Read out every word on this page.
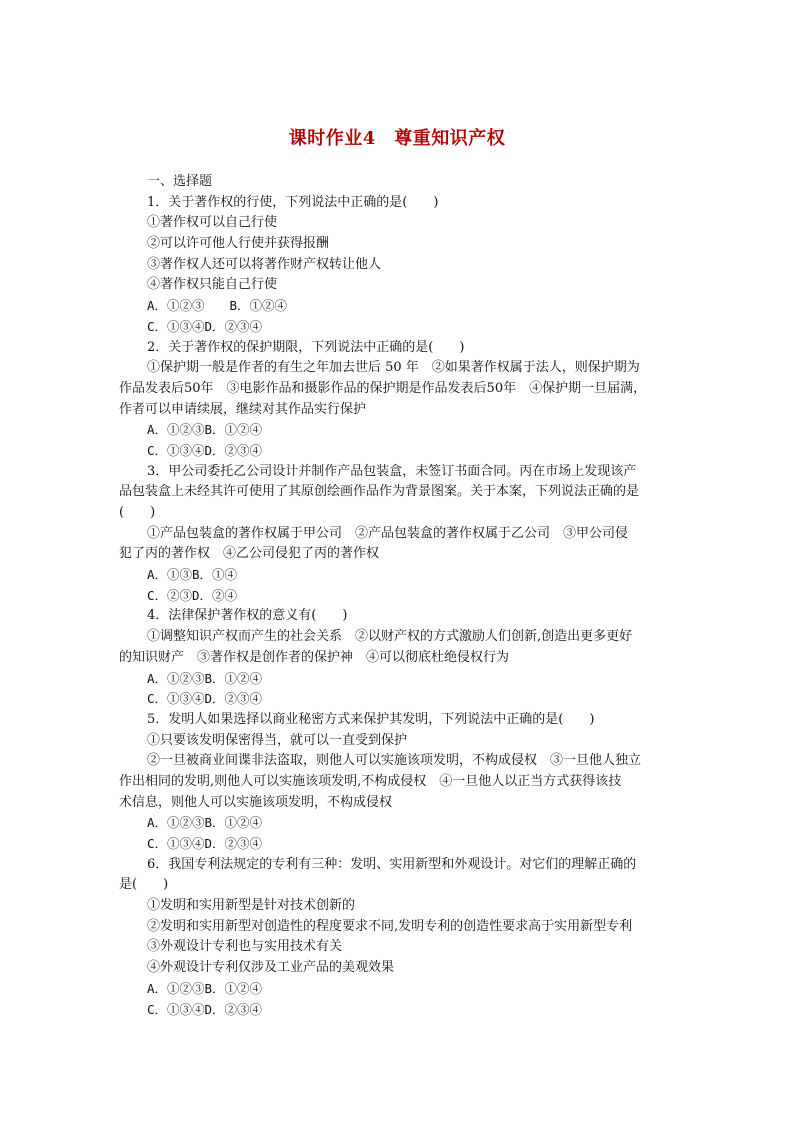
课时作业4　尊重知识产权
一、选择题
1．关于著作权的行使，下列说法中正确的是(　　)
①著作权可以自己行使
②可以许可他人行使并获得报酬
③著作权人还可以将著作财产权转让他人
④著作权只能自己行使
A．①②③　　B．①②④
C．①③④D．②③④
2．关于著作权的保护期限，下列说法中正确的是(　　)
①保护期一般是作者的有生之年加去世后 50 年　②如果著作权属于法人，则保护期为
作品发表后50年　③电影作品和摄影作品的保护期是作品发表后50年　④保护期一旦届满，
作者可以申请续展，继续对其作品实行保护
A．①②③B．①②④
C．①③④D．②③④
3．甲公司委托乙公司设计并制作产品包装盒，未签订书面合同。丙在市场上发现该产
品包装盒上未经其许可使用了其原创绘画作品作为背景图案。关于本案，下列说法正确的是
(　　)
①产品包装盒的著作权属于甲公司　②产品包装盒的著作权属于乙公司　③甲公司侵
犯了丙的著作权　④乙公司侵犯了丙的著作权
A．①③B．①④
C．②③D．②④
4．法律保护著作权的意义有(　　)
①调整知识产权而产生的社会关系　②以财产权的方式激励人们创新,创造出更多更好
的知识财产　③著作权是创作者的保护神　④可以彻底杜绝侵权行为
A．①②③B．①②④
C．①③④D．②③④
5．发明人如果选择以商业秘密方式来保护其发明，下列说法中正确的是(　　)
①只要该发明保密得当，就可以一直受到保护
②一旦被商业间谍非法盗取，则他人可以实施该项发明，不构成侵权　③一旦他人独立
作出相同的发明,则他人可以实施该项发明,不构成侵权　④一旦他人以正当方式获得该技
术信息，则他人可以实施该项发明，不构成侵权
A．①②③B．①②④
C．①③④D．②③④
6．我国专利法规定的专利有三种：发明、实用新型和外观设计。对它们的理解正确的
是(　　)
①发明和实用新型是针对技术创新的
②发明和实用新型对创造性的程度要求不同,发明专利的创造性要求高于实用新型专利
③外观设计专利也与实用技术有关
④外观设计专利仅涉及工业产品的美观效果
A．①②③B．①②④
C．①③④D．②③④
